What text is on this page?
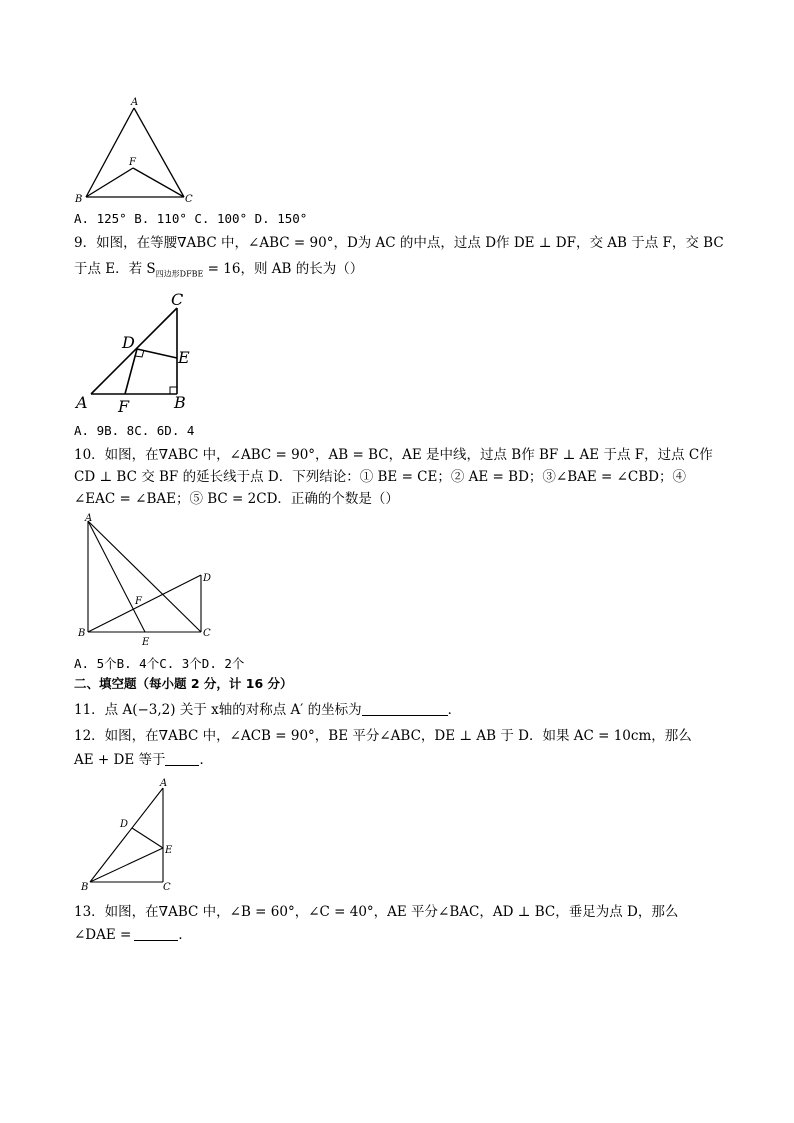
A
F
B	C
A. 125° B. 110° C. 100° D. 150°
9．如图，在等腰∇ABC 中，∠ABC = 90°，D为 AC 的中点，过点 D作 DE ⊥ DF，交 AB 于点 F，交 BC
于点 E．若 $S_{四边形DFBE} = 16$，则 AB 的长为（）
C
D
E
A F	B
A. 9B. 8C. 6D. 4
10．如图，在∇ABC 中，∠ABC = 90°，AB = BC，AE 是中线，过点 B作 BF ⊥ AE 于点 F，过点 C作
CD ⊥ BC 交 BF 的延长线于点 D．下列结论：① BE = CE；② AE = BD；③∠BAE = ∠CBD；④
∠EAC = ∠BAE；⑤ BC = 2CD．正确的个数是（）
A
D
F
B
E
C
A. 5个B. 4个C. 3个D. 2个
二、填空题（每小题 2 分，计 16 分）
11．点 A(−3,2) 关于 x轴的对称点 A′ 的坐标为	．
12．如图，在∇ABC 中，∠ACB = 90°，BE 平分∠ABC，DE ⊥ AB 于 D．如果 AC = 10cm，那么
AE + DE 等于	．
A
D
E
B	C
13．如图，在∇ABC 中，∠B = 60°，∠C = 40°，AE 平分∠BAC，AD ⊥ BC，垂足为点 D，那么
∠DAE =	．
